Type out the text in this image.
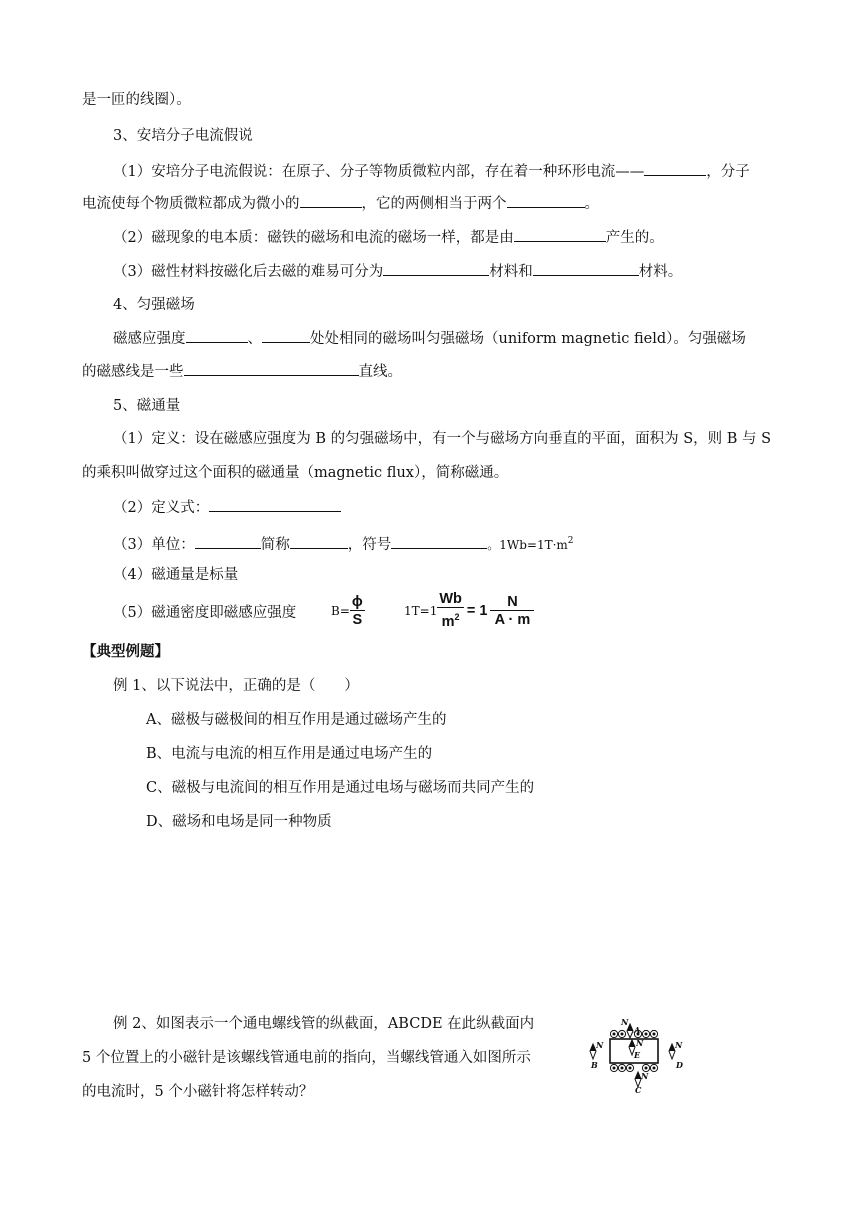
是一匝的线圈）。
3、安培分子电流假说
（1）安培分子电流假说：在原子、分子等物质微粒内部，存在着一种环形电流——	，分子
电流使每个物质微粒都成为微小的	，它的两侧相当于两个	。
（2）磁现象的电本质：磁铁的磁场和电流的磁场一样，都是由	产生的。
（3）磁性材料按磁化后去磁的难易可分为	材料和	材料。
4、匀强磁场
磁感应强度	、	处处相同的磁场叫匀强磁场（uniform magnetic field）。匀强磁场
的磁感线是一些	直线。
5、磁通量
（1）定义：设在磁感应强度为 B 的匀强磁场中，有一个与磁场方向垂直的平面，面积为 S，则 B 与 S
的乘积叫做穿过这个面积的磁通量（magnetic flux），简称磁通。
（2）定义式：
（3）单位：	简称	，符号	。$1Wb=1T\cdot m^2$
（4）磁通量是标量
（5）磁通密度即磁感应强度	$B= \frac{\phi}{S}$	$1T=1 \frac{Wb}{m^2} = 1 \frac{N}{A \cdot m}$
【典型例题】
例 1、以下说法中，正确的是（　　）
A、磁极与磁极间的相互作用是通过磁场产生的
B、电流与电流的相互作用是通过电场产生的
C、磁极与电流间的相互作用是通过电场与磁场而共同产生的
D、磁场和电场是同一种物质
例 2、如图表示一个通电螺线管的纵截面，ABCDE 在此纵截面内
5 个位置上的小磁针是该螺线管通电前的指向，当螺线管通入如图所示
的电流时，5 个小磁针将怎样转动？
N
A
N
E
N
B
N
D
N
C
